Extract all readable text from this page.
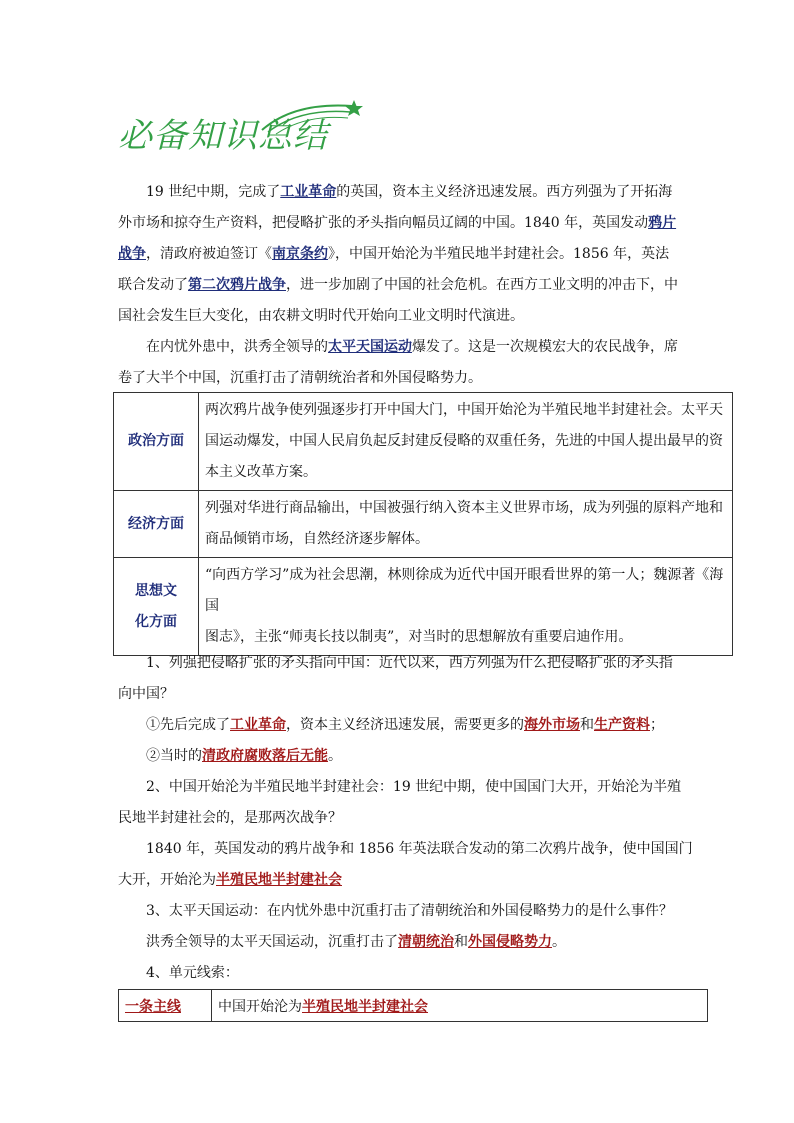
必备知识总结
19 世纪中期，完成了工业革命的英国，资本主义经济迅速发展。西方列强为了开拓海
外市场和掠夺生产资料，把侵略扩张的矛头指向幅员辽阔的中国。1840 年，英国发动鸦片
战争，清政府被迫签订《南京条约》，中国开始沦为半殖民地半封建社会。1856 年，英法
联合发动了第二次鸦片战争，进一步加剧了中国的社会危机。在西方工业文明的冲击下，中
国社会发生巨大变化，由农耕文明时代开始向工业文明时代演进。
在内忧外患中，洪秀全领导的太平天国运动爆发了。这是一次规模宏大的农民战争，席
卷了大半个中国，沉重打击了清朝统治者和外国侵略势力。
政治方面	两次鸦片战争使列强逐步打开中国大门，中国开始沦为半殖民地半封建社会。太平天
国运动爆发，中国人民肩负起反封建反侵略的双重任务，先进的中国人提出最早的资
本主义改革方案。

经济方面	列强对华进行商品输出，中国被强行纳入资本主义世界市场，成为列强的原料产地和
商品倾销市场，自然经济逐步解体。

思想文
化方面	“向西方学习”成为社会思潮，林则徐成为近代中国开眼看世界的第一人；魏源著《海国
图志》，主张“师夷长技以制夷”，对当时的思想解放有重要启迪作用。
1、列强把侵略扩张的矛头指向中国：近代以来，西方列强为什么把侵略扩张的矛头指
向中国？
①先后完成了工业革命，资本主义经济迅速发展，需要更多的海外市场和生产资料；
②当时的清政府腐败落后无能。
2、中国开始沦为半殖民地半封建社会：19 世纪中期，使中国国门大开，开始沦为半殖
民地半封建社会的，是那两次战争？
1840 年，英国发动的鸦片战争和 1856 年英法联合发动的第二次鸦片战争，使中国国门
大开，开始沦为半殖民地半封建社会
3、太平天国运动：在内忧外患中沉重打击了清朝统治和外国侵略势力的是什么事件？
洪秀全领导的太平天国运动，沉重打击了清朝统治和外国侵略势力。
4、单元线索：
一条主线	中国开始沦为半殖民地半封建社会
